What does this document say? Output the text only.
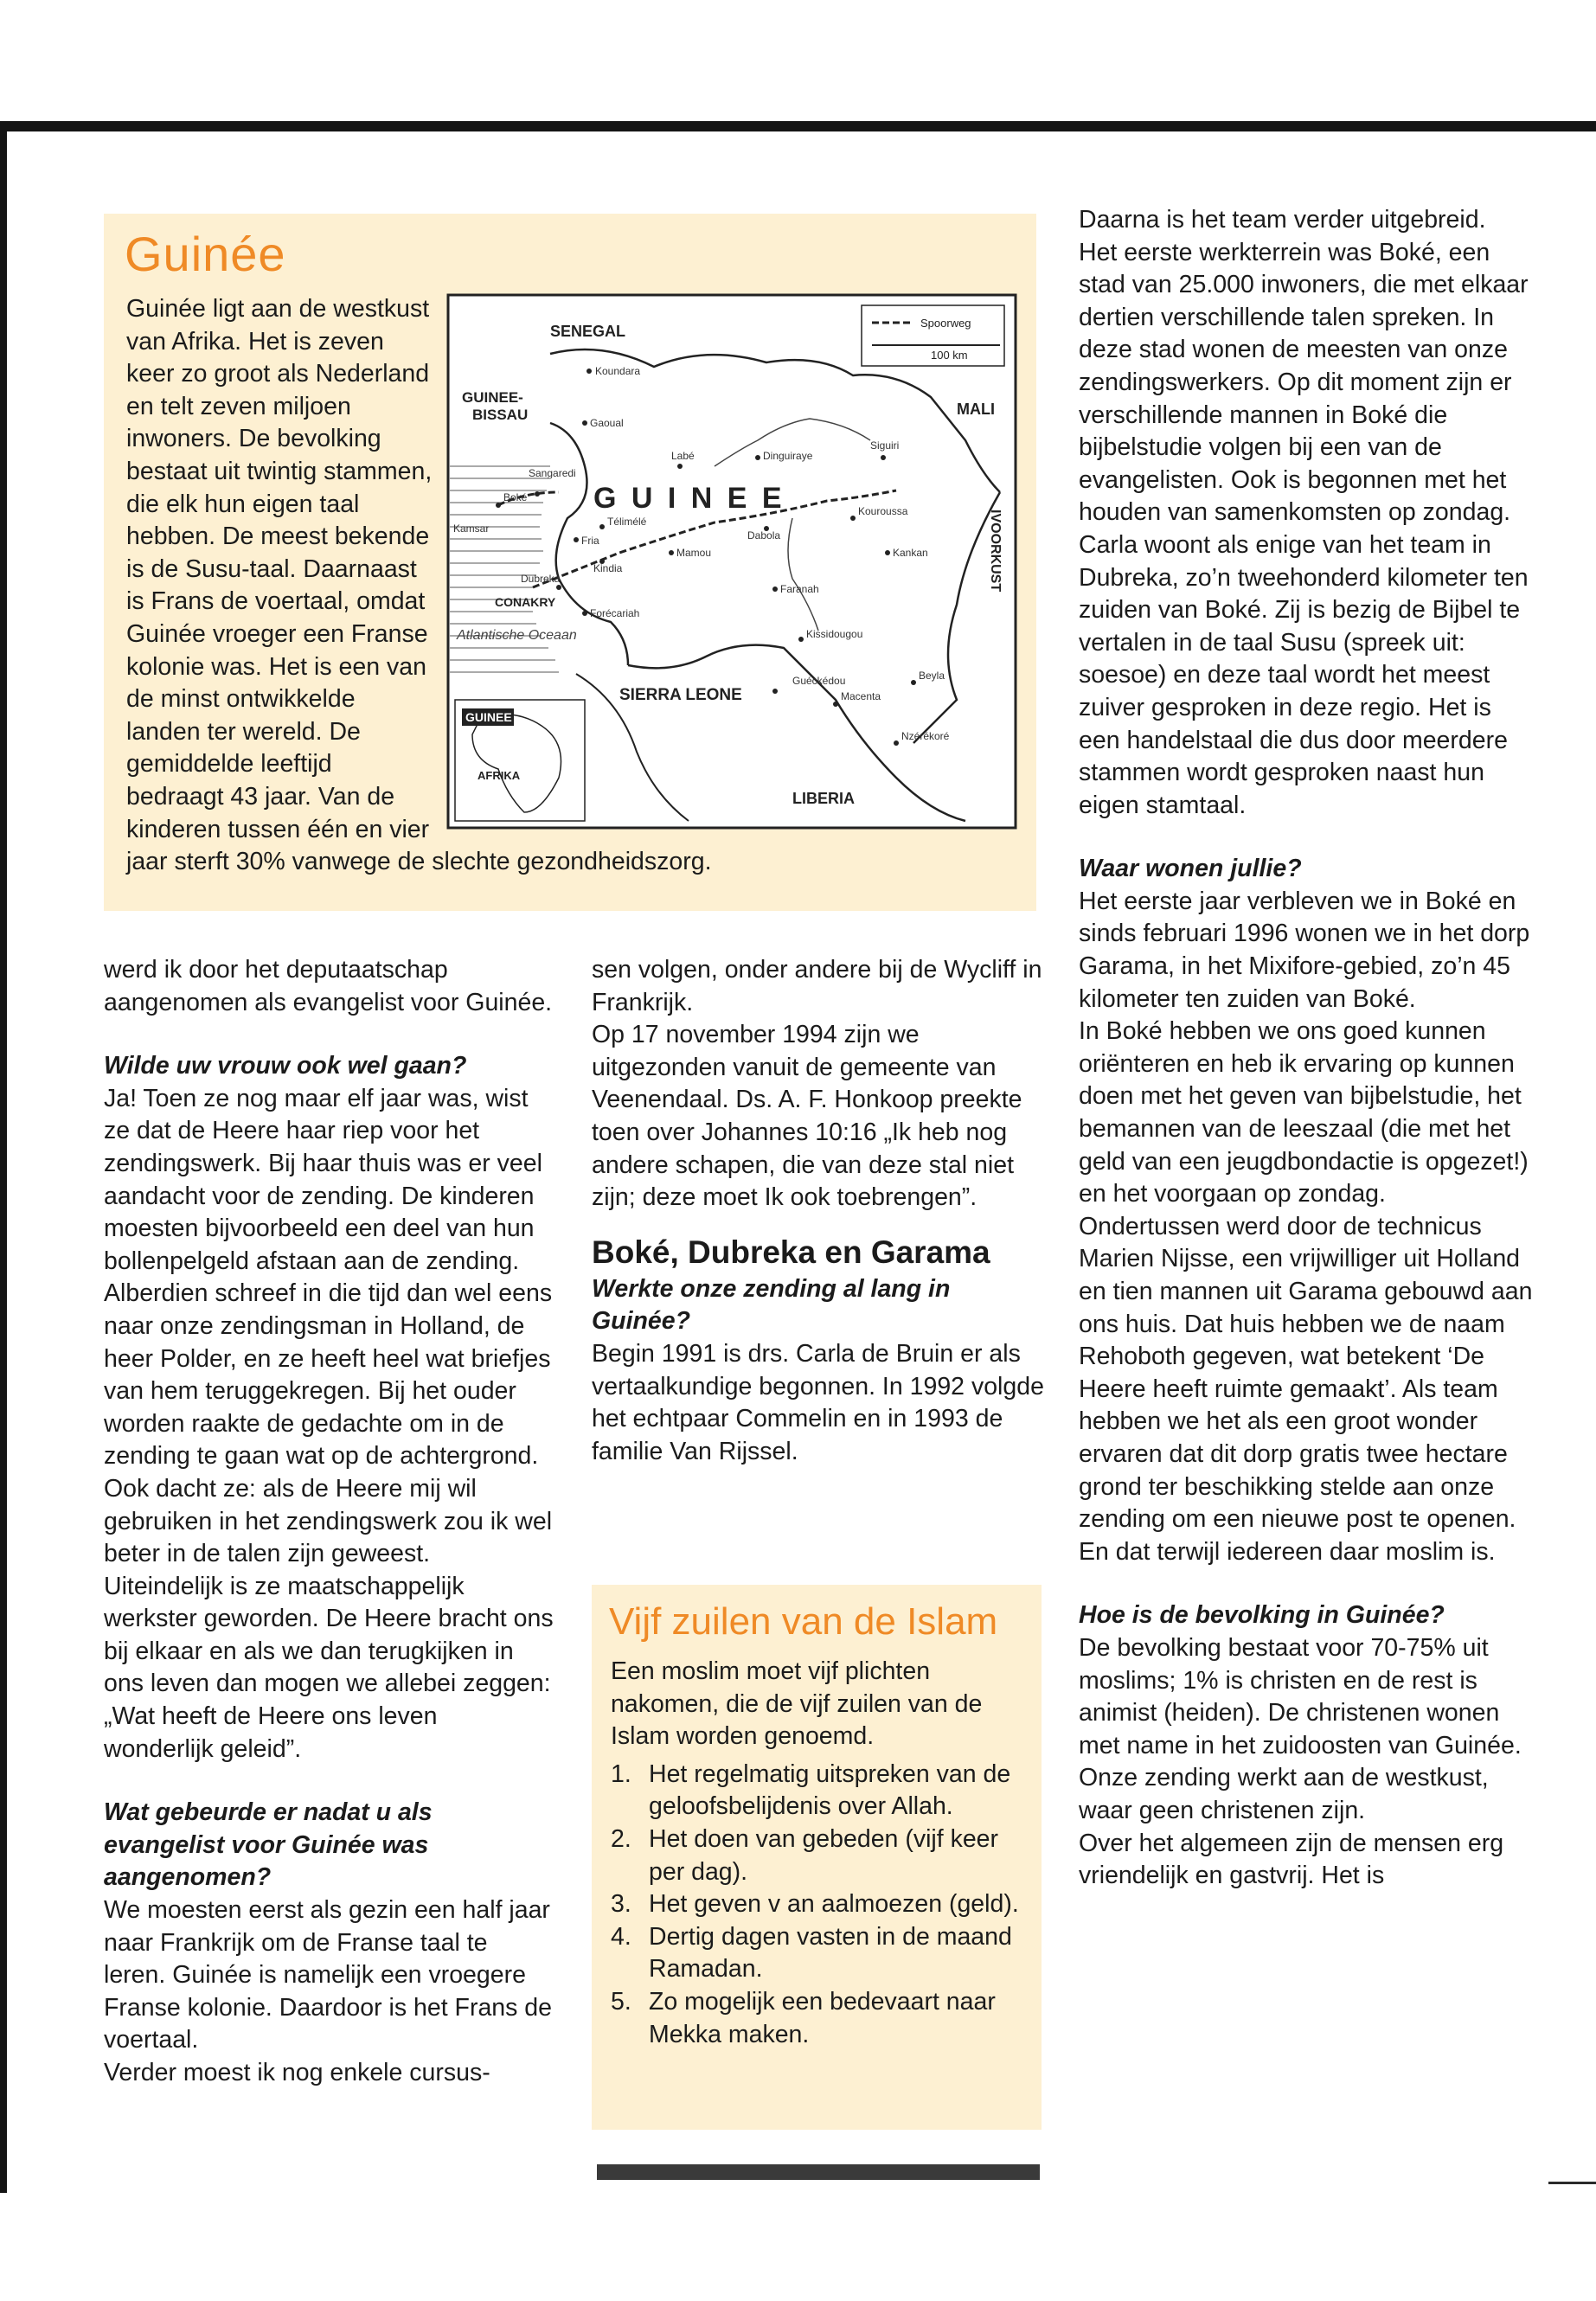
Guinée
Spoorweg
100 km
GUINEE
AFRIKA
SENEGAL
GUINEE-BISSAU	MALI
G U I N E E
SIERRA LEONE
LIBERIA
IVOORKUST
Atlantische Oceaan
CONAKRY
Koundara
Gaoual
Sangaredi
Boké
Kamsar
Fria
Télimélé
Labé	Dinguiraye
Siguiri
Dabola
Kouroussa
Kankan
Kindia
Mamou
Faranah
Dubreka
Forécariah
Kissidougou
Guéckédou
Macenta
Beyla
Nzérékoré

Guinée ligt aan de westkust van Afrika. Het is zeven keer zo groot als Nederland en telt zeven miljoen inwoners. De bevolking bestaat uit twintig stammen, die elk hun eigen taal hebben. De meest bekende is de Susu-taal. Daarnaast is Frans de voertaal, omdat Guinée vroeger een Franse kolonie was. Het is een van de minst ontwikkelde landen ter wereld. De gemiddelde leeftijd bedraagt 43 jaar. Van de kinderen tussen één en vier jaar sterft 30% vanwege de slechte gezondheidszorg.

werd ik door het deputaatschap aangenomen als evangelist voor Guinée.

Wilde uw vrouw ook wel gaan?

Ja! Toen ze nog maar elf jaar was, wist ze dat de Heere haar riep voor het zendingswerk. Bij haar thuis was er veel aandacht voor de zending. De kinderen moesten bijvoorbeeld een deel van hun bollenpelgeld afstaan aan de zending. Alberdien schreef in die tijd dan wel eens naar onze zendingsman in Holland, de heer Polder, en ze heeft heel wat briefjes van hem teruggekregen. Bij het ouder worden raakte de gedachte om in de zending te gaan wat op de achtergrond. Ook dacht ze: als de Heere mij wil gebruiken in het zendingswerk zou ik wel beter in de talen zijn geweest. Uiteindelijk is ze maatschappelijk werkster geworden. De Heere bracht ons bij elkaar en als we dan terugkijken in ons leven dan mogen we allebei zeggen: „Wat heeft de Heere ons leven wonderlijk geleid”.

Wat gebeurde er nadat u als evangelist voor Guinée was aangenomen?

We moesten eerst als gezin een half jaar naar Frankrijk om de Franse taal te leren. Guinée is namelijk een vroegere Franse kolonie. Daardoor is het Frans de voertaal.

Verder moest ik nog enkele cursus-

sen volgen, onder andere bij de Wycliff in Frankrijk.

Op 17 november 1994 zijn we uitgezonden vanuit de gemeente van Veenendaal. Ds. A. F. Honkoop preekte toen over Johannes 10:16 „Ik heb nog andere schapen, die van deze stal niet zijn; deze moet Ik ook toebrengen”.

Boké, Dubreka en Garama

Werkte onze zending al lang in Guinée?

Begin 1991 is drs. Carla de Bruin er als vertaalkundige begonnen. In 1992 volgde het echtpaar Commelin en in 1993 de familie Van Rijssel.

Vijf zuilen van de Islam

Een moslim moet vijf plichten nakomen, die de vijf zuilen van de Islam worden genoemd.

1. Het regelmatig uitspreken van de geloofsbelijdenis over Allah.
2. Het doen van gebeden (vijf keer per dag).
3. Het geven v an aalmoezen (geld).
4. Dertig dagen vasten in de maand Ramadan.
5. Zo mogelijk een bedevaart naar Mekka maken.

Daarna is het team verder uitgebreid.

Het eerste werkterrein was Boké, een stad van 25.000 inwoners, die met elkaar dertien verschillende talen spreken. In deze stad wonen de meesten van onze zendingswerkers. Op dit moment zijn er verschillende mannen in Boké die bijbelstudie volgen bij een van de evangelisten. Ook is begonnen met het houden van samenkomsten op zondag.

Carla woont als enige van het team in Dubreka, zo’n tweehonderd kilometer ten zuiden van Boké. Zij is bezig de Bijbel te vertalen in de taal Susu (spreek uit: soesoe) en deze taal wordt het meest zuiver gesproken in deze regio. Het is een handelstaal die dus door meerdere stammen wordt gesproken naast hun eigen stamtaal.

Waar wonen jullie?

Het eerste jaar verbleven we in Boké en sinds februari 1996 wonen we in het dorp Garama, in het Mixifore-gebied, zo’n 45 kilometer ten zuiden van Boké.

In Boké hebben we ons goed kunnen oriënteren en heb ik ervaring op kunnen doen met het geven van bijbelstudie, het bemannen van de leeszaal (die met het geld van een jeugdbondactie is opgezet!) en het voorgaan op zondag.

Ondertussen werd door de technicus Marien Nijsse, een vrijwilliger uit Holland en tien mannen uit Garama gebouwd aan ons huis. Dat huis hebben we de naam Rehoboth gegeven, wat betekent ‘De Heere heeft ruimte gemaakt’. Als team hebben we het als een groot wonder ervaren dat dit dorp gratis twee hectare grond ter beschikking stelde aan onze zending om een nieuwe post te openen. En dat terwijl iedereen daar moslim is.

Hoe is de bevolking in Guinée?

De bevolking bestaat voor 70-75% uit moslims; 1% is christen en de rest is animist (heiden). De christenen wonen met name in het zuidoosten van Guinée. Onze zending werkt aan de westkust, waar geen christenen zijn.

Over het algemeen zijn de mensen erg vriendelijk en gastvrij. Het is
